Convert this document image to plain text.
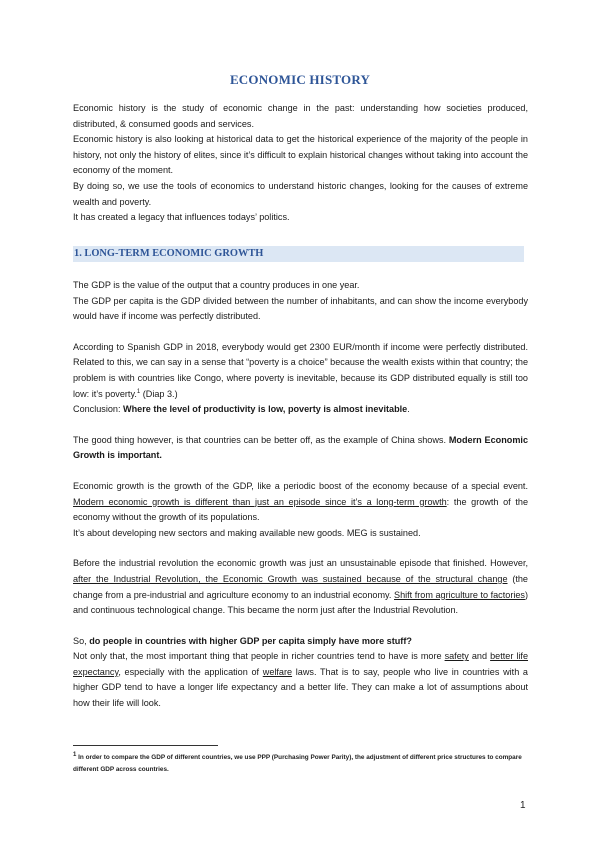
ECONOMIC HISTORY

Economic history is the study of economic change in the past: understanding how societies produced, distributed, & consumed goods and services.

Economic history is also looking at historical data to get the historical experience of the majority of the people in history, not only the history of elites, since it’s difficult to explain historical changes without taking into account the economy of the moment.

By doing so, we use the tools of economics to understand historic changes, looking for the causes of extreme wealth and poverty.

It has created a legacy that influences todays’ politics.

1. LONG-TERM ECONOMIC GROWTH

The GDP is the value of the output that a country produces in one year.

The GDP per capita is the GDP divided between the number of inhabitants, and can show the income everybody would have if income was perfectly distributed.

According to Spanish GDP in 2018, everybody would get 2300 EUR/month if income were perfectly distributed. Related to this, we can say in a sense that “poverty is a choice” because the wealth exists within that country; the problem is with countries like Congo, where poverty is inevitable, because its GDP distributed equally is still too low: it’s poverty.$^1$ (Diap 3.)

Conclusion: Where the level of productivity is low, poverty is almost inevitable.

The good thing however, is that countries can be better off, as the example of China shows. Modern Economic Growth is important.

Economic growth is the growth of the GDP, like a periodic boost of the economy because of a special event. Modern economic growth is different than just an episode since it’s a long-term growth: the growth of the economy without the growth of its populations.

It’s about developing new sectors and making available new goods. MEG is sustained.

Before the industrial revolution the economic growth was just an unsustainable episode that finished. However, after the Industrial Revolution, the Economic Growth was sustained because of the structural change (the change from a pre-industrial and agriculture economy to an industrial economy. Shift from agriculture to factories) and continuous technological change. This became the norm just after the Industrial Revolution.

So, do people in countries with higher GDP per capita simply have more stuff?

Not only that, the most important thing that people in richer countries tend to have is more safety and better life expectancy, especially with the application of welfare laws. That is to say, people who live in countries with a higher GDP tend to have a longer life expectancy and a better life. They can make a lot of assumptions about how their life will look.

$^1$ In order to compare the GDP of different countries, we use PPP (Purchasing Power Parity), the adjustment of different price structures to compare different GDP across countries.
1
